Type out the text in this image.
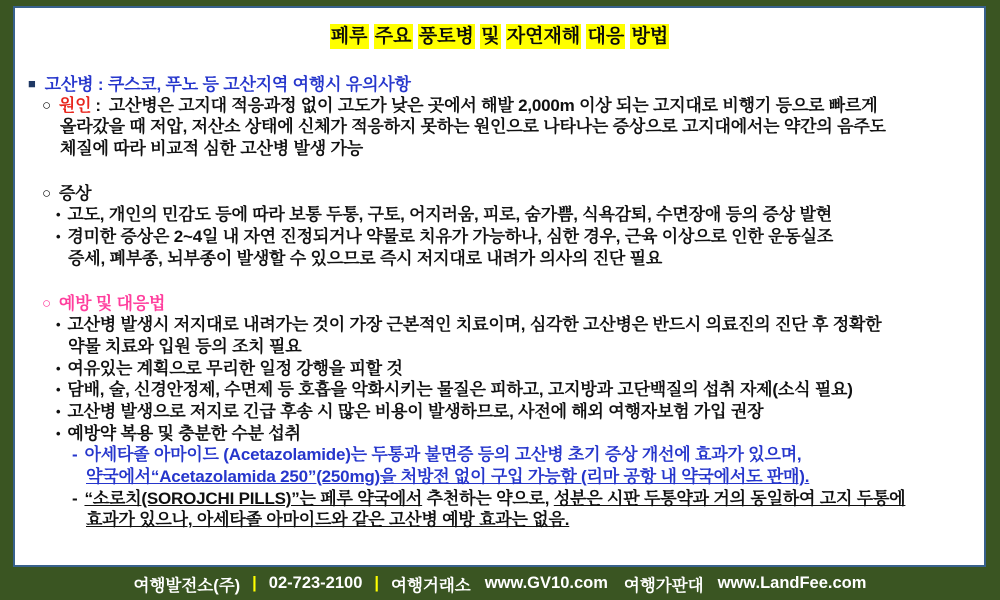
페루 주요 풍토병 및 자연재해 대응 방법
■ 고산병 : 쿠스코, 푸노 등 고산지역 여행시 유의사항
○ 원인 : 고산병은 고지대 적응과정 없이 고도가 낮은 곳에서 해발 2,000m 이상 되는 고지대로 비행기 등으로 빠르게
올라갔을 때 저압, 저산소 상태에 신체가 적응하지 못하는 원인으로 나타나는 증상으로 고지대에서는 약간의 음주도
체질에 따라 비교적 심한 고산병 발생 가능
○ 증상
• 고도, 개인의 민감도 등에 따라 보통 두통, 구토, 어지러움, 피로, 숨가쁨, 식욕감퇴, 수면장애 등의 증상 발현
• 경미한 증상은 2~4일 내 자연 진정되거나 약물로 치유가 가능하나, 심한 경우, 근육 이상으로 인한 운동실조
증세, 폐부종, 뇌부종이 발생할 수 있으므로 즉시 저지대로 내려가 의사의 진단 필요
○ 예방 및 대응법
• 고산병 발생시 저지대로 내려가는 것이 가장 근본적인 치료이며, 심각한 고산병은 반드시 의료진의 진단 후 정확한
약물 치료와 입원 등의 조치 필요
• 여유있는 계획으로 무리한 일정 강행을 피할 것
• 담배, 술, 신경안정제, 수면제 등 호흡을 악화시키는 물질은 피하고, 고지방과 고단백질의 섭취 자제(소식 필요)
• 고산병 발생으로 저지로 긴급 후송 시 많은 비용이 발생하므로, 사전에 해외 여행자보험 가입 권장
• 예방약 복용 및 충분한 수분 섭취
- 아세타졸 아마이드 (Acetazolamide)는 두통과 불면증 등의 고산병 초기 증상 개선에 효과가 있으며,
약국에서“Acetazolamida 250”(250mg)을 처방전 없이 구입 가능함 (리마 공항 내 약국에서도 판매).
- “소로치(SOROJCHI PILLS)”는 페루 약국에서 추천하는 약으로, 성분은 시판 두통약과 거의 동일하여 고지 두통에
효과가 있으나, 아세타졸 아마이드와 같은 고산병 예방 효과는 없음.
여행발전소(주) | 02-723-2100 | 여행거래소 www.GV10.com 여행가판대 www.LandFee.com
